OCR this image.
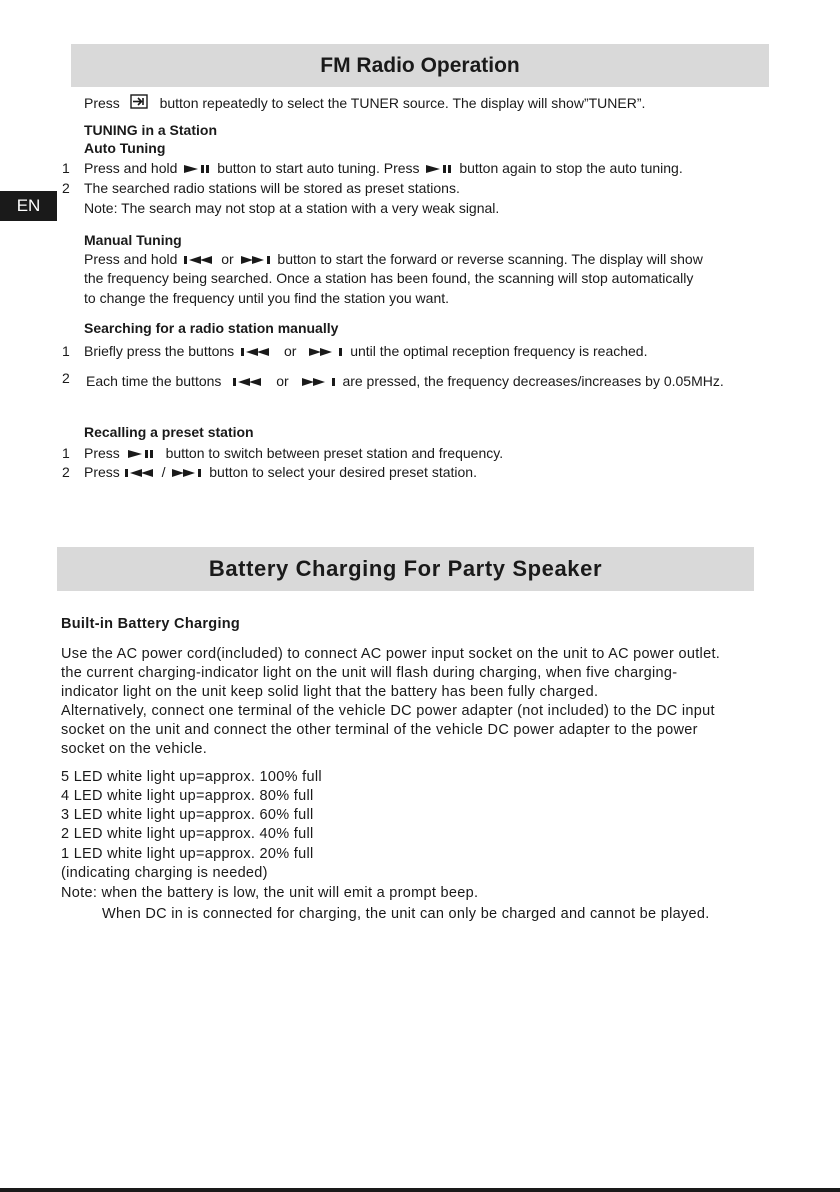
FM Radio Operation
Press	button repeatedly to select the TUNER source. The display will show”TUNER”.
TUNING in a Station
Auto Tuning
1 Press and hold	button to start auto tuning. Press	button again to stop the auto tuning.
2 The searched radio stations will be stored as preset stations.
Note: The search may not stop at a station with a very weak signal.
Manual Tuning
Press and hold	or	button to start the forward or reverse scanning. The display will show
the frequency being searched. Once a station has been found, the scanning will stop automatically
to change the frequency until you find the station you want.
Searching for a radio station manually
1 Briefly press the buttons	or	until the optimal reception frequency is reached.
2 Each time the buttons	or	are pressed, the frequency decreases/increases by 0.05MHz.
Recalling a preset station
1 Press	button to switch between preset station and frequency.
2 Press	/	button to select your desired preset station.
EN
Battery Charging For Party Speaker
Built-in Battery Charging
Use the AC power cord(included) to connect AC power input socket on the unit to AC power outlet.
the current charging-indicator light on the unit will flash during charging, when five charging-
indicator light on the unit keep solid light that the battery has been fully charged.
Alternatively, connect one terminal of the vehicle DC power adapter (not included) to the DC input
socket on the unit and connect the other terminal of the vehicle DC power adapter to the power
socket on the vehicle.
5 LED white light up=approx. 100% full
4 LED white light up=approx. 80% full
3 LED white light up=approx. 60% full
2 LED white light up=approx. 40% full
1 LED white light up=approx. 20% full
(indicating charging is needed)
Note: when the battery is low, the unit will emit a prompt beep.
When DC in is connected for charging, the unit can only be charged and cannot be played.
